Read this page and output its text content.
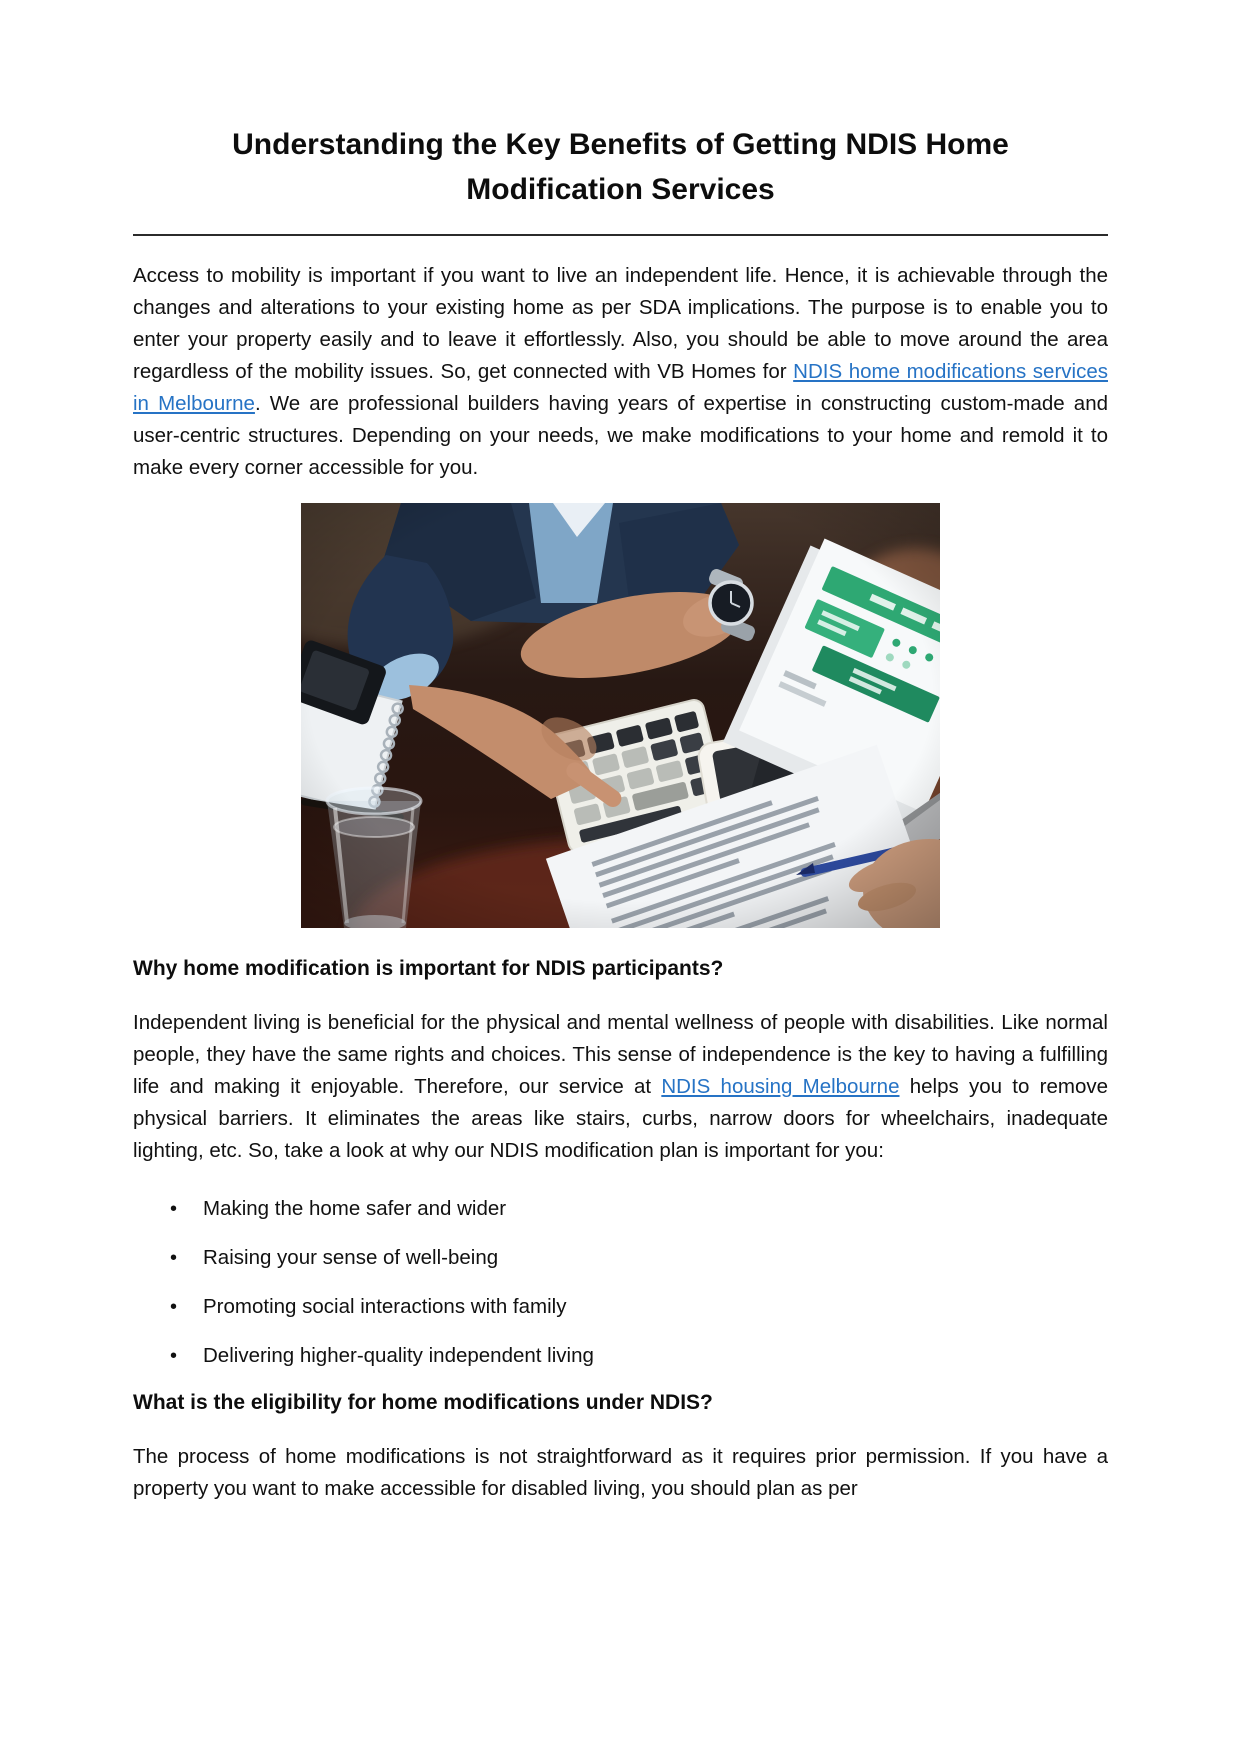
Understanding the Key Benefits of Getting NDIS Home Modification Services

Access to mobility is important if you want to live an independent life. Hence, it is achievable through the changes and alterations to your existing home as per SDA implications. The purpose is to enable you to enter your property easily and to leave it effortlessly. Also, you should be able to move around the area regardless of the mobility issues. So, get connected with VB Homes for NDIS home modifications services in Melbourne. We are professional builders having years of expertise in constructing custom-made and user-centric structures. Depending on your needs, we make modifications to your home and remold it to make every corner accessible for you.

Why home modification is important for NDIS participants?

Independent living is beneficial for the physical and mental wellness of people with disabilities. Like normal people, they have the same rights and choices. This sense of independence is the key to having a fulfilling life and making it enjoyable. Therefore, our service at NDIS housing Melbourne helps you to remove physical barriers. It eliminates the areas like stairs, curbs, narrow doors for wheelchairs, inadequate lighting, etc. So, take a look at why our NDIS modification plan is important for you:

• Making the home safer and wider
• Raising your sense of well-being
• Promoting social interactions with family
• Delivering higher-quality independent living
What is the eligibility for home modifications under NDIS?

The process of home modifications is not straightforward as it requires prior permission. If you have a property you want to make accessible for disabled living, you should plan as per
